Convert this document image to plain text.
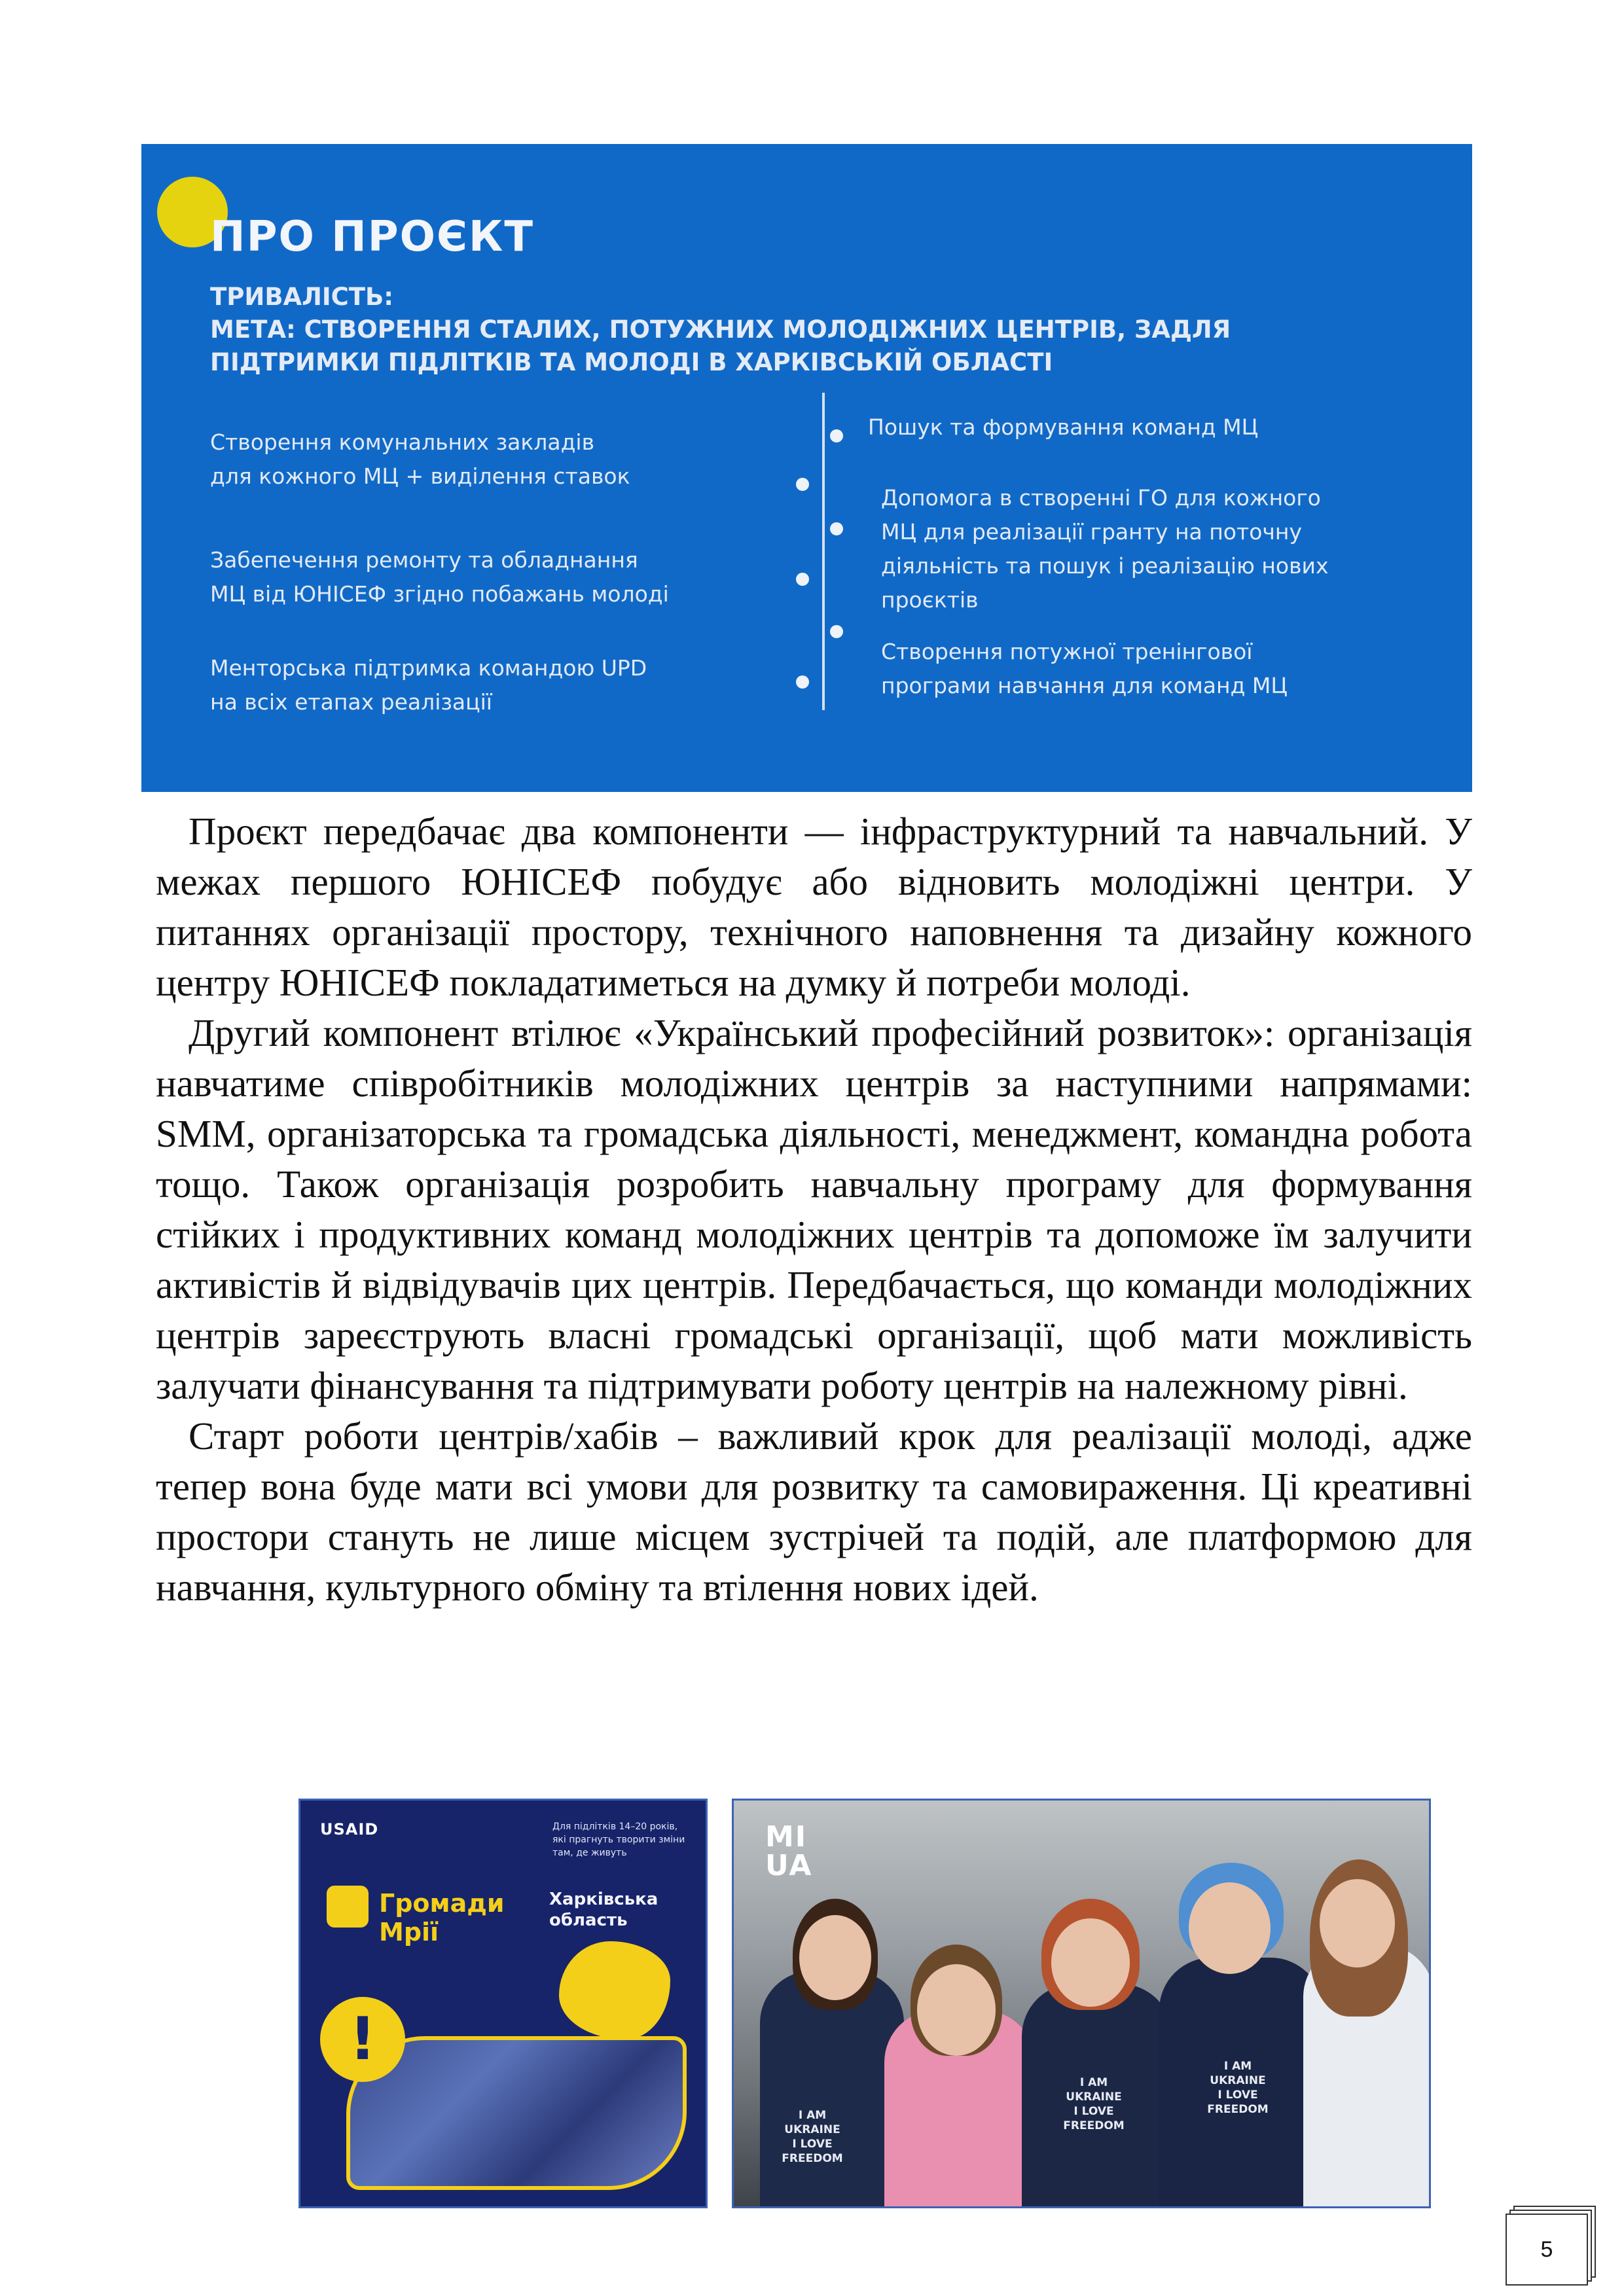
ПРО ПРОЄКТ
ТРИВАЛІСТЬ:
МЕТА: СТВОРЕННЯ СТАЛИХ, ПОТУЖНИХ МОЛОДІЖНИХ ЦЕНТРІВ, ЗАДЛЯ
ПІДТРИМКИ ПІДЛІТКІВ ТА МОЛОДІ В ХАРКІВСЬКІЙ ОБЛАСТІ
Створення комунальних закладів
для кожного МЦ + виділення ставок
Забепечення ремонту та обладнання
МЦ від ЮНІСЕФ згідно побажань молоді
Менторська підтримка командою UPD
на всіх етапах реалізації
Пошук та формування команд МЦ
Допомога в створенні ГО для кожного
МЦ для реалізації гранту на поточну
діяльність та пошук і реалізацію нових
проєктів
Створення потужної тренінгової
програми навчання для команд МЦ

Проєкт передбачає два компоненти — інфраструктурний та навчальний. У межах першого ЮНІСЕФ побудує або відновить молодіжні центри. У питаннях організації простору, технічного наповнення та дизайну кожного центру ЮНІСЕФ покладатиметься на думку й потреби молоді.

Другий компонент втілює «Український професійний розвиток»: організація навчатиме співробітників молодіжних центрів за наступними напрямами: SMM, організаторська та громадська діяльності, менеджмент, командна робота тощо. Також організація розробить навчальну програму для формування стійких і продуктивних команд молодіжних центрів та допоможе їм залучити активістів й відвідувачів цих центрів. Передбачається, що команди молодіжних центрів зареєструють власні громадські організації, щоб мати можливість залучати фінансування та підтримувати роботу центрів на належному рівні.

Старт роботи центрів/хабів – важливий крок для реалізації молоді, адже тепер вона буде мати всі умови для розвитку та самовираження. Ці креативні простори стануть не лише місцем зустрічей та подій, але платформою для навчання, культурного обміну та втілення нових ідей.

USAID	Для підлітків 14–20 років, які прагнуть творити зміни там, де живуть
Громади
Мрії
Харківська
область
!
MI
UA
I AM
UKRAINE
I LOVE
FREEDOM
I AM
UKRAINE
I LOVE
FREEDOM
I AM
UKRAINE
I LOVE
FREEDOM
5
